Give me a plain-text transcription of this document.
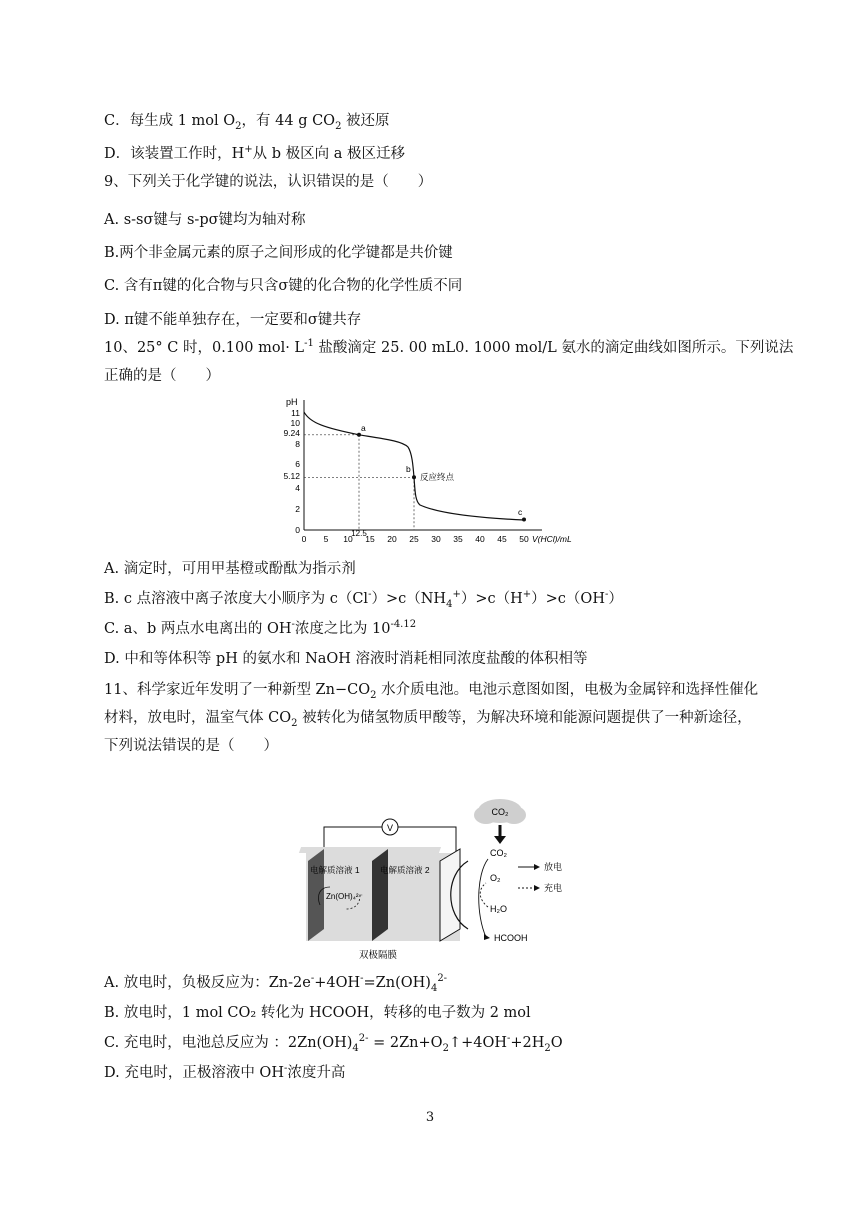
C．每生成 1 mol $O_2$，有 44 g $CO_2$ 被还原
D．该装置工作时，H+从 b 极区向 a 极区迁移
9、下列关于化学键的说法，认识错误的是（　　）
A. s-sσ键与 s-pσ键均为轴对称
B.两个非金属元素的原子之间形成的化学键都是共价键
C. 含有π键的化合物与只含σ键的化合物的化学性质不同
D. π键不能单独存在，一定要和σ键共存
10、25° C 时，0.100 $mol\cdot L^{-1}$ 盐酸滴定 25. 00 mL0. 1000 mol/L 氨水的滴定曲线如图所示。下列说法
正确的是（　　）
pH
11
10
9.24
8
6
5.12
4
2
0
0 5 10 15 20 25 30 35 40 45 50 V(HCl)/mL
12.5
a
b
反应终点
c
A. 滴定时，可用甲基橙或酚酞为指示剂
B. c 点溶液中离子浓度大小顺序为 $c(Cl^-)>c(NH_4^+)>c(H^+)>c(OH^-)$
C. a、b 两点水电离出的 OH-浓度之比为 $10^{-4.12}$
D. 中和等体积等 pH 的氨水和 NaOH 溶液时消耗相同浓度盐酸的体积相等
11、科学家近年发明了一种新型 $Zn-CO_2$ 水介质电池。电池示意图如图，电极为金属锌和选择性催化
材料，放电时，温室气体 $CO_2$ 被转化为储氢物质甲酸等，为解决环境和能源问题提供了一种新途径，
下列说法错误的是（　　）
CO₂
V
电解质溶液 1 电解质溶液 2
Zn(OH)₄²⁻
CO₂
O₂
H₂O
HCOOH
放电
充电
双极隔膜
A. 放电时，负极反应为：$Zn-2e^-+4OH^-=Zn(OH)_4^{2-}$
B. 放电时，1 mol CO₂ 转化为 HCOOH，转移的电子数为 2 mol
C. 充电时，电池总反应为 ：$2Zn(OH)_4^{2-}$ = $2Zn+O_2↑+4OH^-+2H_2O$
D. 充电时，正极溶液中 OH-浓度升高
3
